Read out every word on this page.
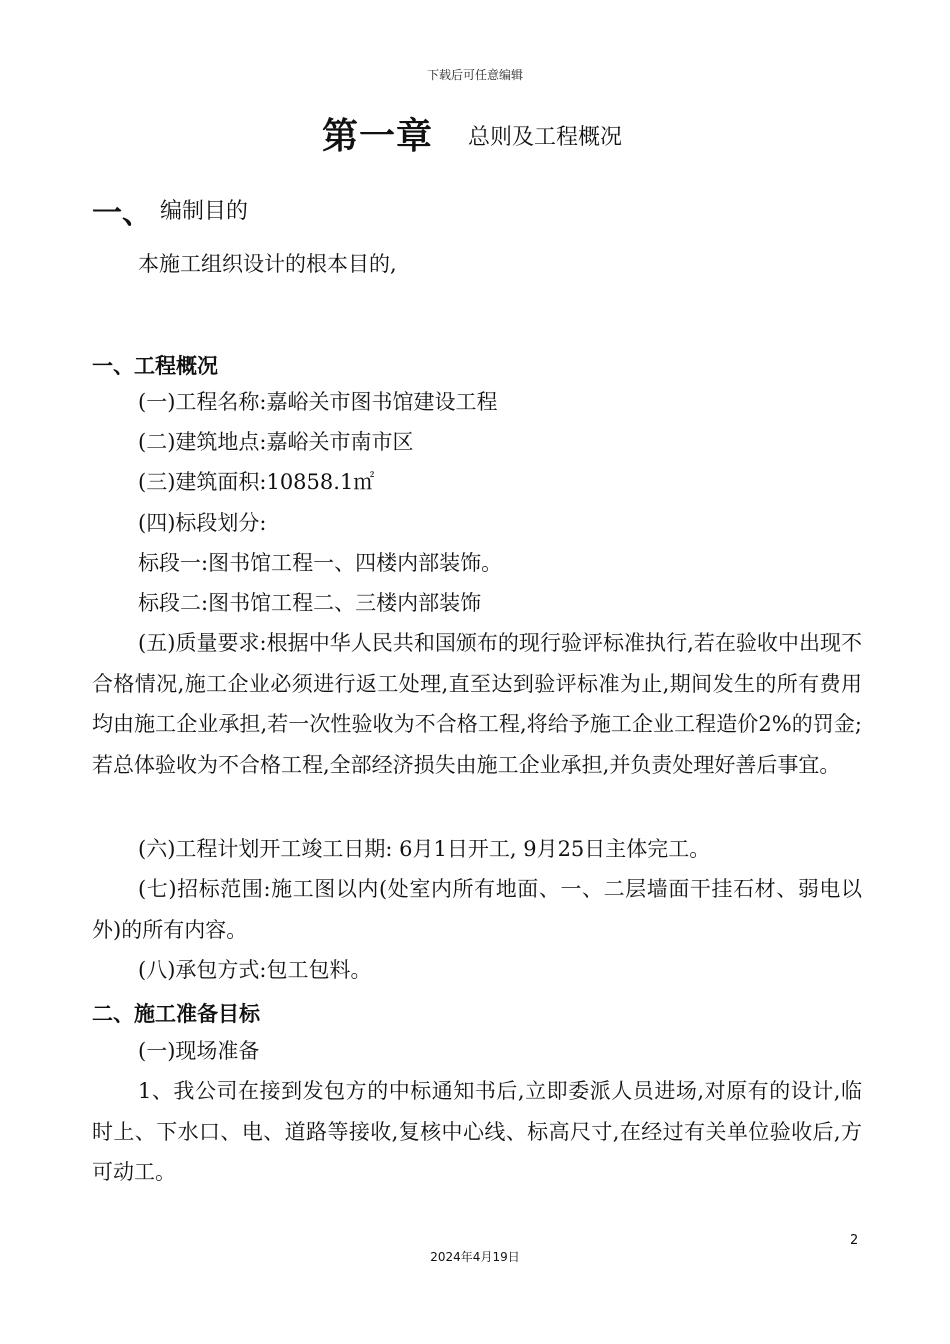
下载后可任意编辑
第一章 总则及工程概况
一、 编制目的
本施工组织设计的根本目的,
一、工程概况
(一)工程名称:嘉峪关市图书馆建设工程
(二)建筑地点:嘉峪关市南市区
(三)建筑面积:10858.1㎡
(四)标段划分:
标段一:图书馆工程一、四楼内部装饰。
标段二:图书馆工程二、三楼内部装饰
(五)质量要求:根据中华人民共和国颁布的现行验评标准执行,若在验收中出现不合格情况,施工企业必须进行返工处理,直至达到验评标准为止,期间发生的所有费用均由施工企业承担,若一次性验收为不合格工程,将给予施工企业工程造价2%的罚金;若总体验收为不合格工程,全部经济损失由施工企业承担,并负责处理好善后事宜。
(六)工程计划开工竣工日期: 6月1日开工, 9月25日主体完工。
(七)招标范围:施工图以内(处室内所有地面、一、二层墙面干挂石材、弱电以外)的所有内容。
(八)承包方式:包工包料。
二、施工准备目标
(一)现场准备
1、我公司在接到发包方的中标通知书后,立即委派人员进场,对原有的设计,临时上、下水口、电、道路等接收,复核中心线、标高尺寸,在经过有关单位验收后,方可动工。
2
2024年4月19日
